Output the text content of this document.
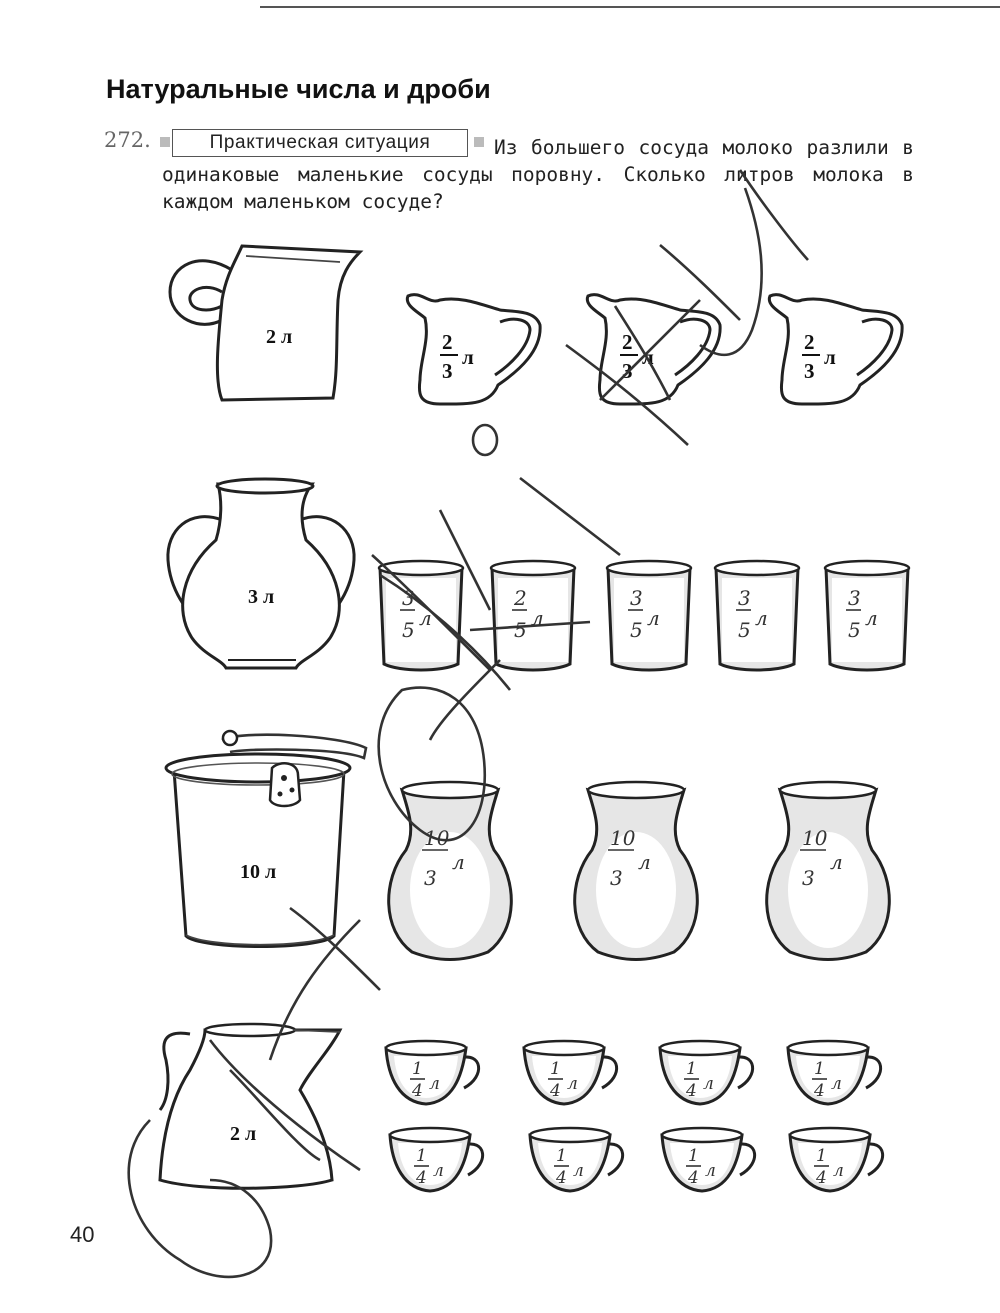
Натуральные числа и дроби
272.	Практическая ситуация	Из большего сосуда молоко разлили в одинаковые маленькие сосуды поровну. Сколько литров молока в каждом маленьком сосуде?
2 л	2
3
л
2
3
л
2
3
л
3 л	3
5 л
2
5 л
3
5 л
3
5 л
3
5 л
10 л
10
3
л
10
3
л
10
3
л
2 л
1
4 л
1
4 л
1
4 л
1
4 л
1
4 л
1
4 л
1
4 л
1
4 л
40
